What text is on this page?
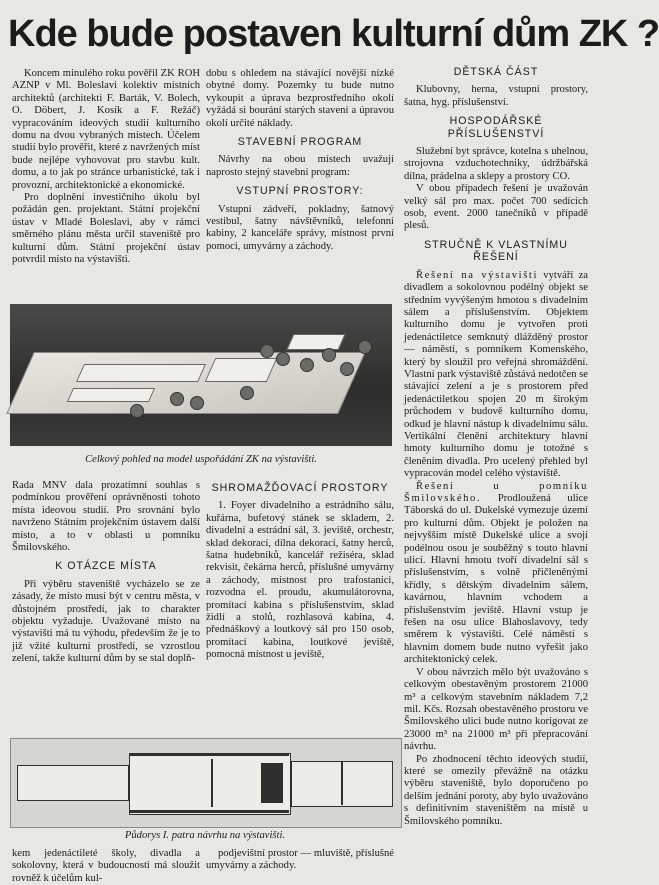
Kde bude postaven kulturní dům ZK ?

Koncem minulého roku pověřil ZK ROH AZNP v Ml. Boleslavi kolektiv místních architektů (architekti F. Barták, V. Bolech, O. Döbert, J. Kosík a F. Režáč) vypracováním ideových studií kulturního domu na dvou vybraných místech. Účelem studií bylo prověřit, které z navržených míst bude nejlépe vyhovovat pro stavbu kult. domu, a to jak po stránce urbanistické, tak i provozní, architektonické a ekonomické.

Pro doplnění investičního úkolu byl požádán gen. projektant. Státní projekční ústav v Mladé Boleslavi, aby v rámci směrného plánu města určil staveniště pro kulturní dům. Státní projekční ústav potvrdil místo na výstavišti.

dobu s ohledem na stávající novější nízké obytné domy. Pozemky tu bude nutno vykoupit a úprava bezprostředního okolí vyžádá si bourání starých stavení a úpravou okolí určité náklady.

STAVEBNÍ PROGRAM

Návrhy na obou místech uvažují naprosto stejný stavební program:

VSTUPNÍ PROSTORY:

Vstupní zádveří, pokladny, šatnový vestibul, šatny návštěvníků, telefonní kabiny, 2 kanceláře správy, místnost první pomoci, umyvárny a záchody.

DĚTSKÁ ČÁST

Klubovny, herna, vstupní prostory, šatna, hyg. příslušenství.

HOSPODÁŘSKÉ PŘÍSLUŠENSTVÍ

Služební byt správce, kotelna s uhelnou, strojovna vzduchotechniky, údržbářská dílna, prádelna a sklepy a prostory CO.

V obou případech řešení je uvažován velký sál pro max. počet 700 sedících osob, event. 2000 tanečníků v případě plesů.

STRUČNĚ K VLASTNÍMU ŘEŠENÍ

Řešení na výstavišti vytváří za divadlem a sokolovnou podélný objekt se středním vyvýšeným hmotou s divadelním sálem a příslušenstvím. Objektem kulturního domu je vytvořen proti jedenáctiletce semknutý dlážděný prostor — náměstí, s pomníkem Komenského, který by sloužil pro veřejná shromáždění. Vlastní park výstaviště zůstává nedotčen se stávající zelení a je s prostorem před jedenáctiletkou spojen 20 m širokým průchodem v budově kulturního domu, odkud je hlavní nástup k divadelnímu sálu. Vertikální členění architektury hlavní hmoty kulturního domu je totožné s členěním divadla. Pro ucelený přehled byl vypracován model celého výstaviště.

Řešení u pomníku Šmilovského. Prodloužená ulice Táborská do ul. Dukelské vymezuje území pro kulturní dům. Objekt je položen na nejvyšším místě Dukelské ulice a svojí podélnou osou je souběžný s touto hlavní ulicí. Hlavní hmotu tvoří divadelní sál s příslušenstvím, s volně přičleněnými křídly, s dětským divadelním sálem, kavárnou, hlavním vchodem a příslušenstvím jeviště. Hlavní vstup je řešen na osu ulice Blahoslavovy, tedy směrem k výstavišti. Celé náměstí s hlavním domem bude nutno vyřešit jako architektonický celek.

V obou návrzích mělo být uvažováno s celkovým obestavěným prostorem 21000 m³ a celkovým stavebním nákladem 7,2 mil. Kčs. Rozsah obestavěného prostoru ve Šmilovského ulici bude nutno korigovat ze 23000 m³ na 21000 m³ při přepracování návrhu.

Po zhodnocení těchto ideových studií, které se omezily převážně na otázku výběru staveniště, bylo doporučeno po delším jednání poroty, aby bylo uvažováno s definitivním staveništěm na místě u Šmilovského pomníku.

Celkový pohled na model uspořádání ZK na výstavišti.

Rada MNV dala prozatímní souhlas s podmínkou prověření oprávněnosti tohoto místa ideovou studií. Pro srovnání bylo navrženo Státním projekčním ústavem další místo, a to v oblasti u pomníku Šmilovského.

K OTÁZCE MÍSTA

Při výběru staveniště vycházelo se ze zásady, že místo musí být v centru města, v důstojném prostředí, jak to charakter objektu vyžaduje. Uvažované místo na výstavišti má tu výhodu, především že je to již vžité kulturní prostředí, se vzrostlou zelení, takže kulturní dům by se stal doplň-

SHROMAŽĎOVACÍ PROSTORY

1. Foyer divadelního a estrádního sálu, kuřárna, bufetový stánek se skladem, 2. divadelní a estrádní sál, 3. jeviště, orchestr, sklad dekorací, dílna dekorací, šatny herců, šatna hudebníků, kancelář režiséra, sklad rekvisit, čekárna herců, příslušné umyvárny a záchody, místnost pro trafostanici, rozvodna el. proudu, akumulátorovna, promítací kabina s příslušenstvím, sklad židlí a stolů, rozhlasová kabina, 4. přednáškový a loutkový sál pro 150 osob, promítací kabina, loutkové jeviště, pomocná místnost u jeviště,

Půdorys I. patra návrhu na výstavišti.

kem jedenáctileté školy, divadla a sokolovny, která v budoucnosti má sloužit rovněž k účelům kul-

podjevištní prostor — mluviště, příslušné umyvárny a záchody.
